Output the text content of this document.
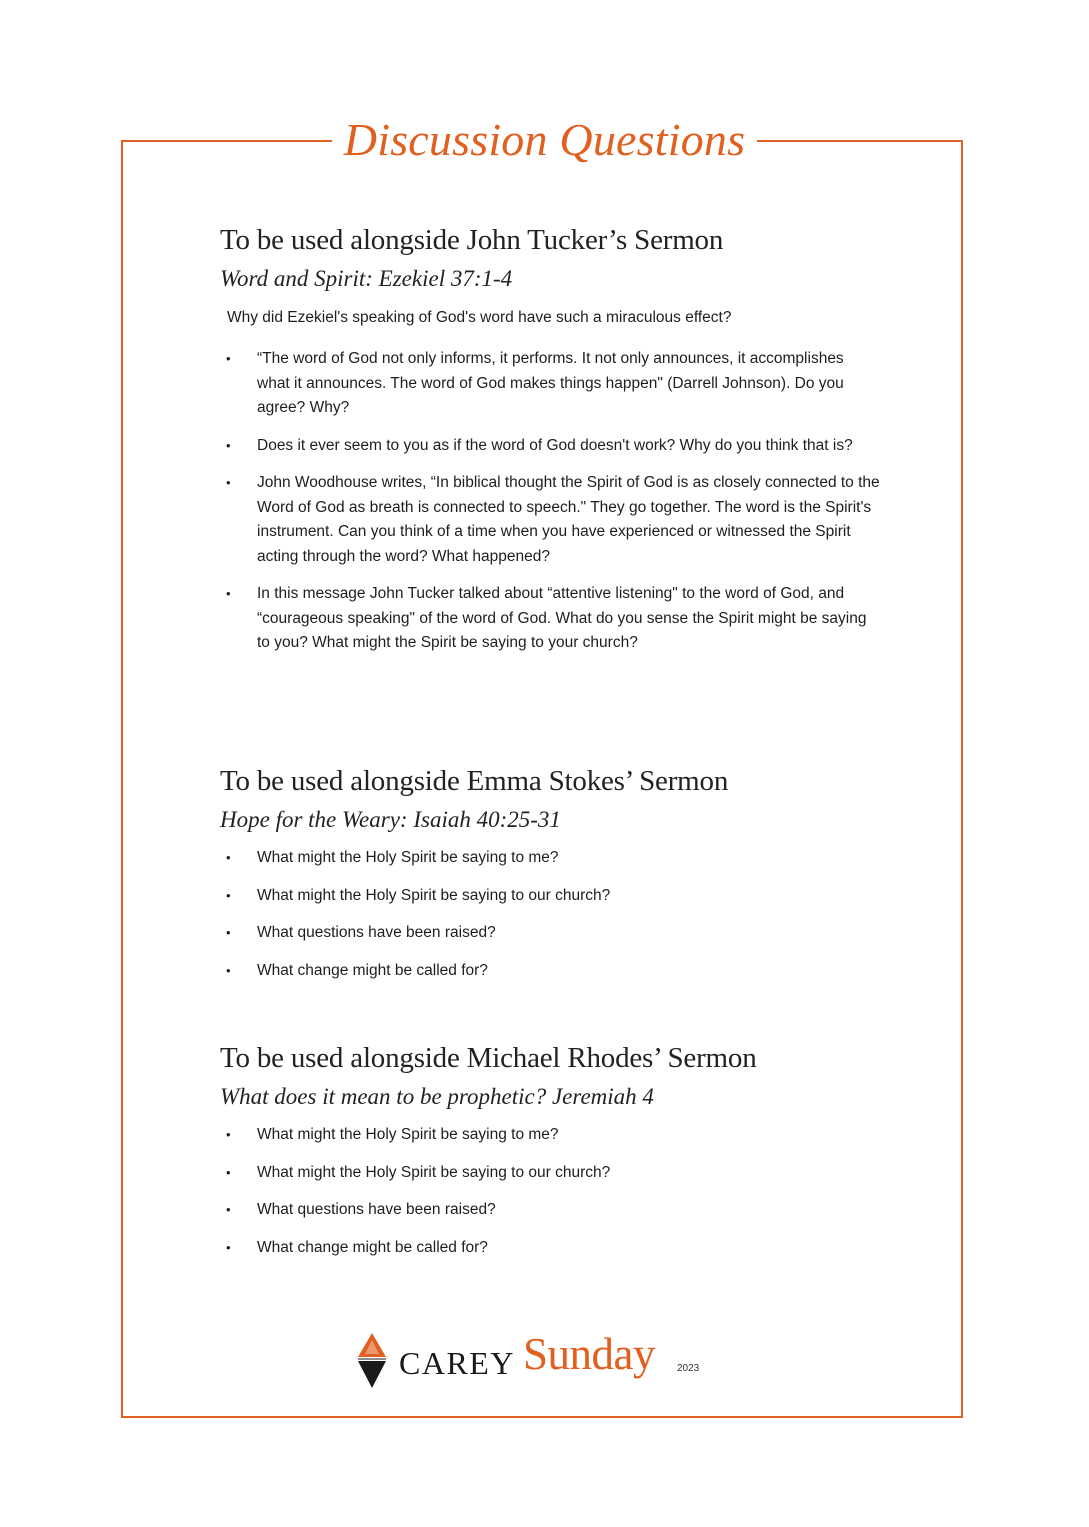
Discussion Questions
To be used alongside John Tucker’s Sermon
Word and Spirit: Ezekiel 37:1-4

Why did Ezekiel's speaking of God's word have such a miraculous effect?

• “The word of God not only informs, it performs. It not only announces, it accomplishes what it announces. The word of God makes things happen" (Darrell Johnson). Do you agree? Why?
• Does it ever seem to you as if the word of God doesn't work? Why do you think that is?
• John Woodhouse writes, “In biblical thought the Spirit of God is as closely connected to the Word of God as breath is connected to speech." They go together. The word is the Spirit's instrument. Can you think of a time when you have experienced or witnessed the Spirit acting through the word? What happened?
• In this message John Tucker talked about “attentive listening" to the word of God, and “courageous speaking" of the word of God. What do you sense the Spirit might be saying to you? What might the Spirit be saying to your church?
To be used alongside Emma Stokes’ Sermon
Hope for the Weary: Isaiah 40:25-31
• What might the Holy Spirit be saying to me?
• What might the Holy Spirit be saying to our church?
• What questions have been raised?
• What change might be called for?
To be used alongside Michael Rhodes’ Sermon
What does it mean to be prophetic? Jeremiah 4
• What might the Holy Spirit be saying to me?
• What might the Holy Spirit be saying to our church?
• What questions have been raised?
• What change might be called for?
CAREY Sunday 2023
